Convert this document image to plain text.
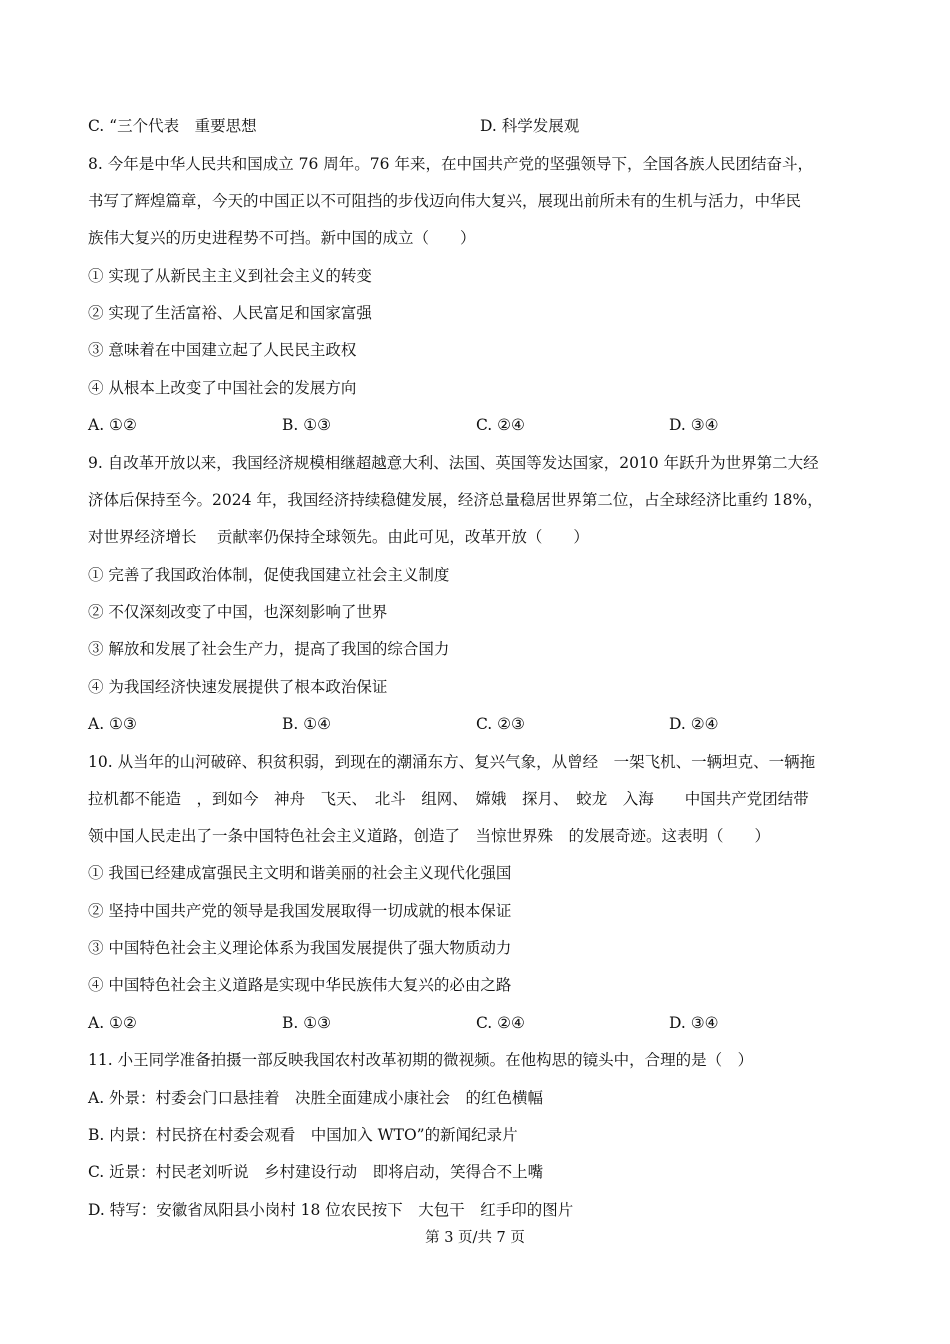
C. “三个代表　重要思想	D. 科学发展观
8. 今年是中华人民共和国成立 76 周年。76 年来，在中国共产党的坚强领导下，全国各族人民团结奋斗，
书写了辉煌篇章，今天的中国正以不可阻挡的步伐迈向伟大复兴，展现出前所未有的生机与活力，中华民
族伟大复兴的历史进程势不可挡。新中国的成立（　　）
① 实现了从新民主主义到社会主义的转变
② 实现了生活富裕、人民富足和国家富强
③ 意味着在中国建立起了人民民主政权
④ 从根本上改变了中国社会的发展方向
A. ①②	B. ①③	C. ②④	D. ③④
9. 自改革开放以来，我国经济规模相继超越意大利、法国、英国等发达国家，2010 年跃升为世界第二大经
济体后保持至今。2024 年，我国经济持续稳健发展，经济总量稳居世界第二位，占全球经济比重约 18%，
对世界经济增长　 贡献率仍保持全球领先。由此可见，改革开放（　　）
① 完善了我国政治体制，促使我国建立社会主义制度
② 不仅深刻改变了中国，也深刻影响了世界
③ 解放和发展了社会生产力，提高了我国的综合国力
④ 为我国经济快速发展提供了根本政治保证
A. ①③	B. ①④	C. ②③	D. ②④
10. 从当年的山河破碎、积贫积弱，到现在的潮涌东方、复兴气象，从曾经　一架飞机、一辆坦克、一辆拖
拉机都不能造　，到如今　神舟　飞天、　北斗　组网、　嫦娥　探月、　蛟龙　入海　　中国共产党团结带
领中国人民走出了一条中国特色社会主义道路，创造了　当惊世界殊　的发展奇迹。这表明（　　）
① 我国已经建成富强民主文明和谐美丽的社会主义现代化强国
② 坚持中国共产党的领导是我国发展取得一切成就的根本保证
③ 中国特色社会主义理论体系为我国发展提供了强大物质动力
④ 中国特色社会主义道路是实现中华民族伟大复兴的必由之路
A. ①②	B. ①③	C. ②④	D. ③④
11. 小王同学准备拍摄一部反映我国农村改革初期的微视频。在他构思的镜头中，合理的是（　）
A. 外景：村委会门口悬挂着　决胜全面建成小康社会　的红色横幅
B. 内景：村民挤在村委会观看　中国加入 WTO”的新闻纪录片
C. 近景：村民老刘听说　乡村建设行动　即将启动，笑得合不上嘴
D. 特写：安徽省凤阳县小岗村 18 位农民按下　大包干　红手印的图片
第 3 页/共 7 页
